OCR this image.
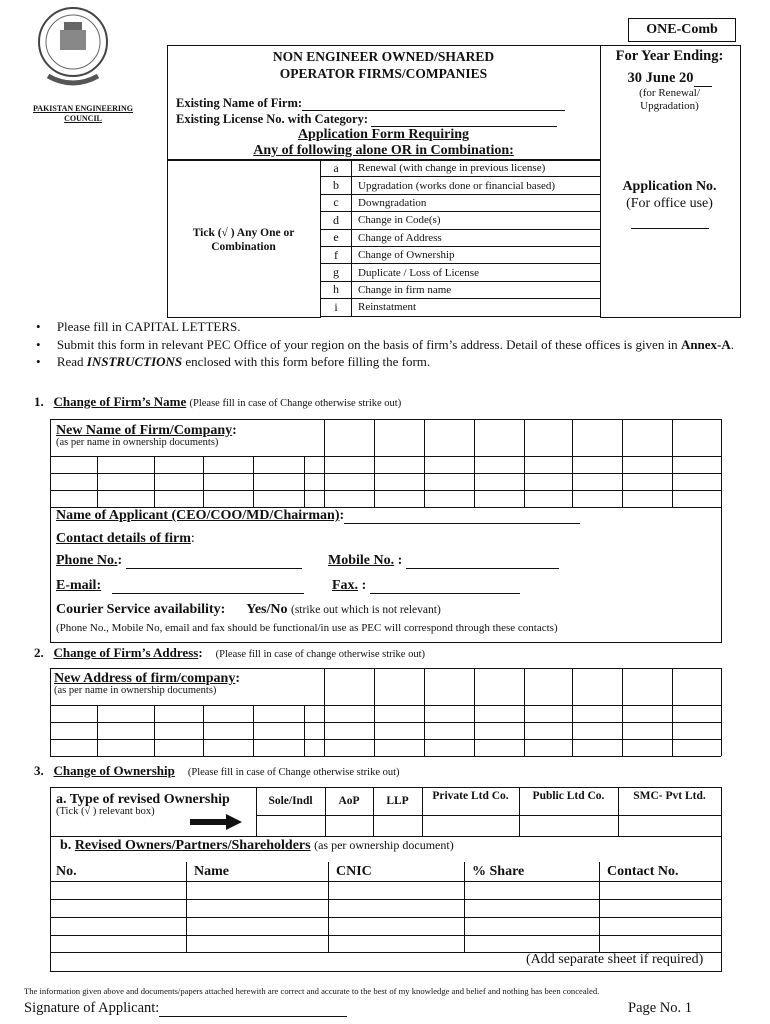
PAKISTAN ENGINEERING
COUNCIL
ONE-Comb
NON ENGINEER OWNED/SHARED
OPERATOR FIRMS/COMPANIES
Existing Name of Firm:
Existing License No. with Category:
Application Form Requiring
Any of following alone OR in Combination:
For Year Ending:
30 June 20
(for Renewal/
Upgradation)
Application No.
(For office use)
Tick (√ ) Any One or
Combination
a	Renewal (with change in previous license)
b	Upgradation (works done or financial based)
c	Downgradation
d	Change in Code(s)
e	Change of Address
f	Change of Ownership
g	Duplicate / Loss of License
h	Change in firm name
i	Reinstatment
•     Please fill in CAPITAL LETTERS.
•     Submit this form in relevant PEC Office of your region on the basis of firm’s address. Detail of these offices is given in Annex-A.
•     Read INSTRUCTIONS enclosed with this form before filling the form.
1. Change of Firm’s Name (Please fill in case of Change otherwise strike out)
New Name of Firm/Company:
(as per name in ownership documents)
Name of Applicant (CEO/COO/MD/Chairman):
Contact details of firm:
Phone No.:	Mobile No. :
E-mail:	Fax. :
Courier Service availability: Yes/No (strike out which is not relevant)
(Phone No., Mobile No, email and fax should be functional/in use as PEC will correspond through these contacts)
2. Change of Firm’s Address: (Please fill in case of change otherwise strike out)
New Address of firm/company:
(as per name in ownership documents)
3. Change of Ownership (Please fill in case of Change otherwise strike out)
a. Type of revised Ownership
(Tick (√ ) relevant box)
Sole/Indl	AoP	LLP	Private Ltd Co.	Public Ltd Co.	SMC- Pvt Ltd.
b. Revised Owners/Partners/Shareholders (as per ownership document)
No.	Name	CNIC	% Share	Contact No.
(Add separate sheet if required)
The information given above and documents/papers attached herewith are correct and accurate to the best of my knowledge and belief and nothing has been concealed.
Signature of Applicant:	Page No. 1
